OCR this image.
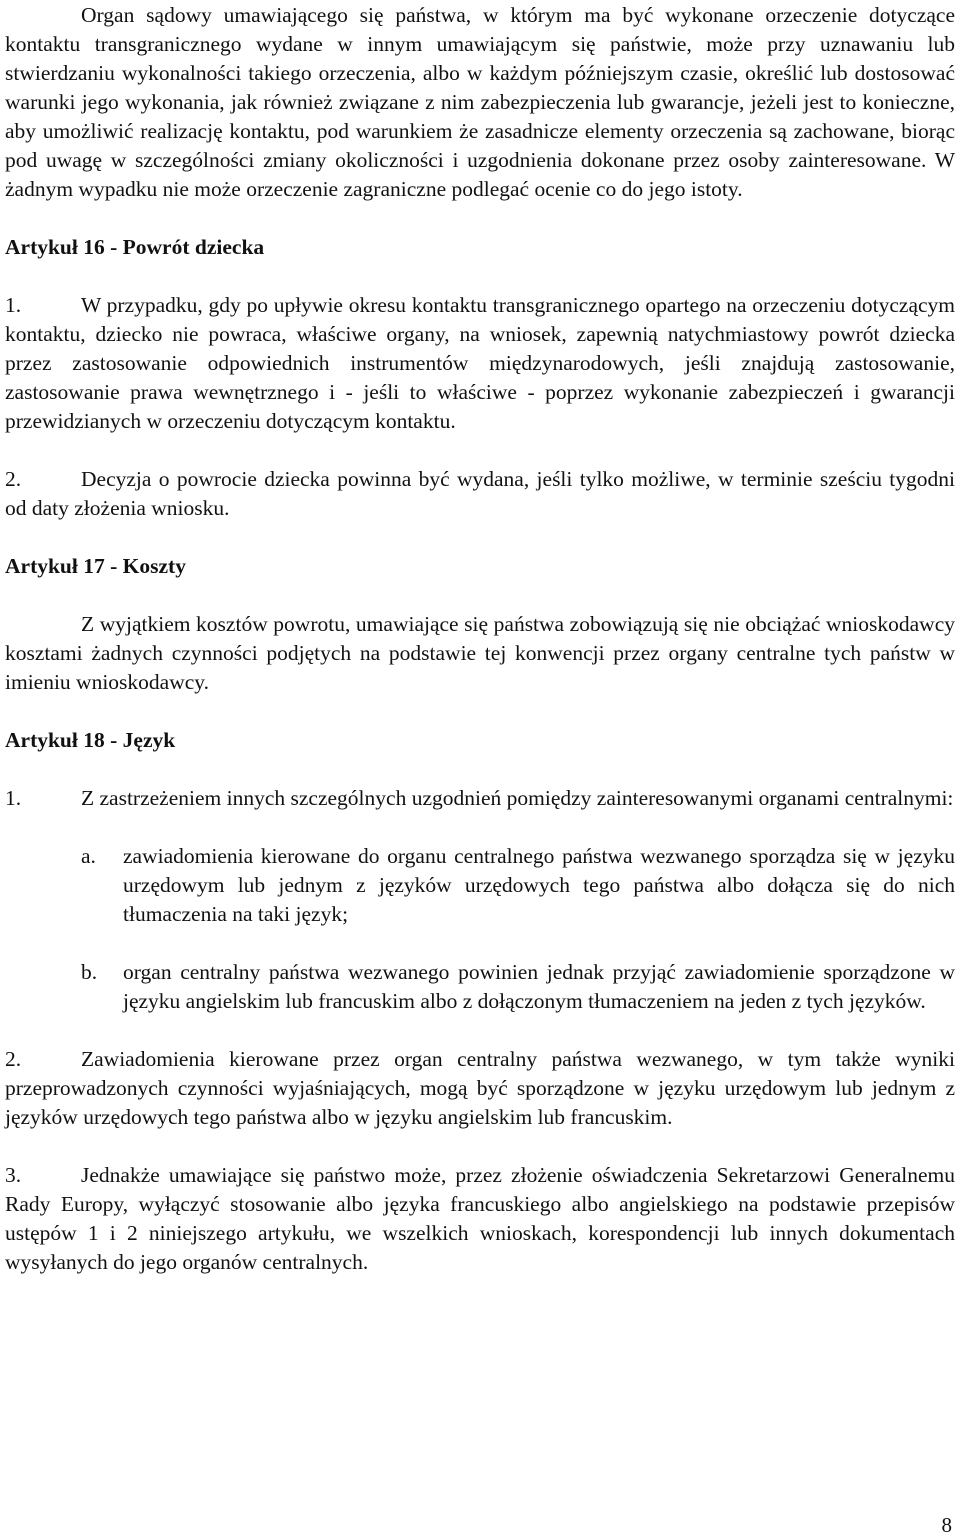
Organ sądowy umawiającego się państwa, w którym ma być wykonane orzeczenie dotyczące kontaktu transgranicznego wydane w innym umawiającym się państwie, może przy uznawaniu lub stwierdzaniu wykonalności takiego orzeczenia, albo w każdym późniejszym czasie, określić lub dostosować warunki jego wykonania, jak również związane z nim zabezpieczenia lub gwarancje, jeżeli jest to konieczne, aby umożliwić realizację kontaktu, pod warunkiem że zasadnicze elementy orzeczenia są zachowane, biorąc pod uwagę w szczególności zmiany okoliczności i uzgodnienia dokonane przez osoby zainteresowane. W żadnym wypadku nie może orzeczenie zagraniczne podlegać ocenie co do jego istoty.

Artykuł 16 - Powrót dziecka

1.	W przypadku, gdy po upływie okresu kontaktu transgranicznego opartego na orzeczeniu dotyczącym kontaktu, dziecko nie powraca, właściwe organy, na wniosek, zapewnią natychmiastowy powrót dziecka przez zastosowanie odpowiednich instrumentów międzynarodowych, jeśli znajdują zastosowanie, zastosowanie prawa wewnętrznego i - jeśli to właściwe - poprzez wykonanie zabezpieczeń i gwarancji przewidzianych w orzeczeniu dotyczącym kontaktu.

2.	Decyzja o powrocie dziecka powinna być wydana, jeśli tylko możliwe, w terminie sześciu tygodni od daty złożenia wniosku.

Artykuł 17 - Koszty

Z wyjątkiem kosztów powrotu, umawiające się państwa zobowiązują się nie obciążać wnioskodawcy kosztami żadnych czynności podjętych na podstawie tej konwencji przez organy centralne tych państw w imieniu wnioskodawcy.

Artykuł 18 - Język

1.	Z zastrzeżeniem innych szczególnych uzgodnień pomiędzy zainteresowanymi organami centralnymi:

a.	zawiadomienia kierowane do organu centralnego państwa wezwanego sporządza się w języku urzędowym lub jednym z języków urzędowych tego państwa albo dołącza się do nich tłumaczenia na taki język;
b.	organ centralny państwa wezwanego powinien jednak przyjąć zawiadomienie sporządzone w języku angielskim lub francuskim albo z dołączonym tłumaczeniem na jeden z tych języków.

2.	Zawiadomienia kierowane przez organ centralny państwa wezwanego, w tym także wyniki przeprowadzonych czynności wyjaśniających, mogą być sporządzone w języku urzędowym lub jednym z języków urzędowych tego państwa albo w języku angielskim lub francuskim.

3.	Jednakże umawiające się państwo może, przez złożenie oświadczenia Sekretarzowi Generalnemu Rady Europy, wyłączyć stosowanie albo języka francuskiego albo angielskiego na podstawie przepisów ustępów 1 i 2 niniejszego artykułu, we wszelkich wnioskach, korespondencji lub innych dokumentach wysyłanych do jego organów centralnych.

8
